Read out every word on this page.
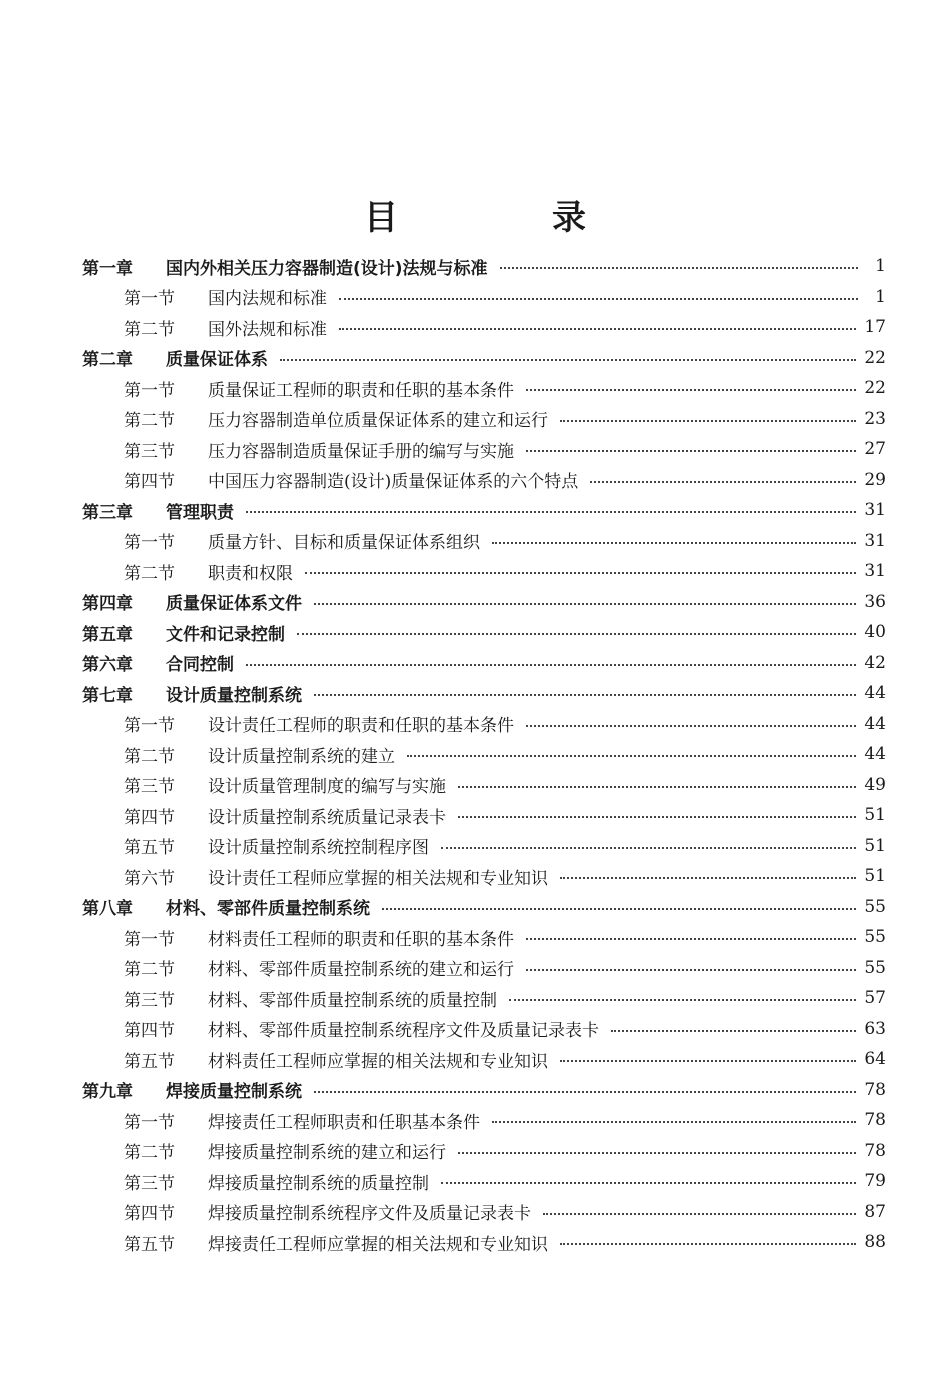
目　录
第一章	国内外相关压力容器制造(设计)法规与标准	1
第一节	国内法规和标准	1
第二节	国外法规和标准	17
第二章	质量保证体系	22
第一节	质量保证工程师的职责和任职的基本条件	22
第二节	压力容器制造单位质量保证体系的建立和运行	23
第三节	压力容器制造质量保证手册的编写与实施	27
第四节	中国压力容器制造(设计)质量保证体系的六个特点	29
第三章	管理职责	31
第一节	质量方针、目标和质量保证体系组织	31
第二节	职责和权限	31
第四章	质量保证体系文件	36
第五章	文件和记录控制	40
第六章	合同控制	42
第七章	设计质量控制系统	44
第一节	设计责任工程师的职责和任职的基本条件	44
第二节	设计质量控制系统的建立	44
第三节	设计质量管理制度的编写与实施	49
第四节	设计质量控制系统质量记录表卡	51
第五节	设计质量控制系统控制程序图	51
第六节	设计责任工程师应掌握的相关法规和专业知识	51
第八章	材料、零部件质量控制系统	55
第一节	材料责任工程师的职责和任职的基本条件	55
第二节	材料、零部件质量控制系统的建立和运行	55
第三节	材料、零部件质量控制系统的质量控制	57
第四节	材料、零部件质量控制系统程序文件及质量记录表卡	63
第五节	材料责任工程师应掌握的相关法规和专业知识	64
第九章	焊接质量控制系统	78
第一节	焊接责任工程师职责和任职基本条件	78
第二节	焊接质量控制系统的建立和运行	78
第三节	焊接质量控制系统的质量控制	79
第四节	焊接质量控制系统程序文件及质量记录表卡	87
第五节	焊接责任工程师应掌握的相关法规和专业知识	88
